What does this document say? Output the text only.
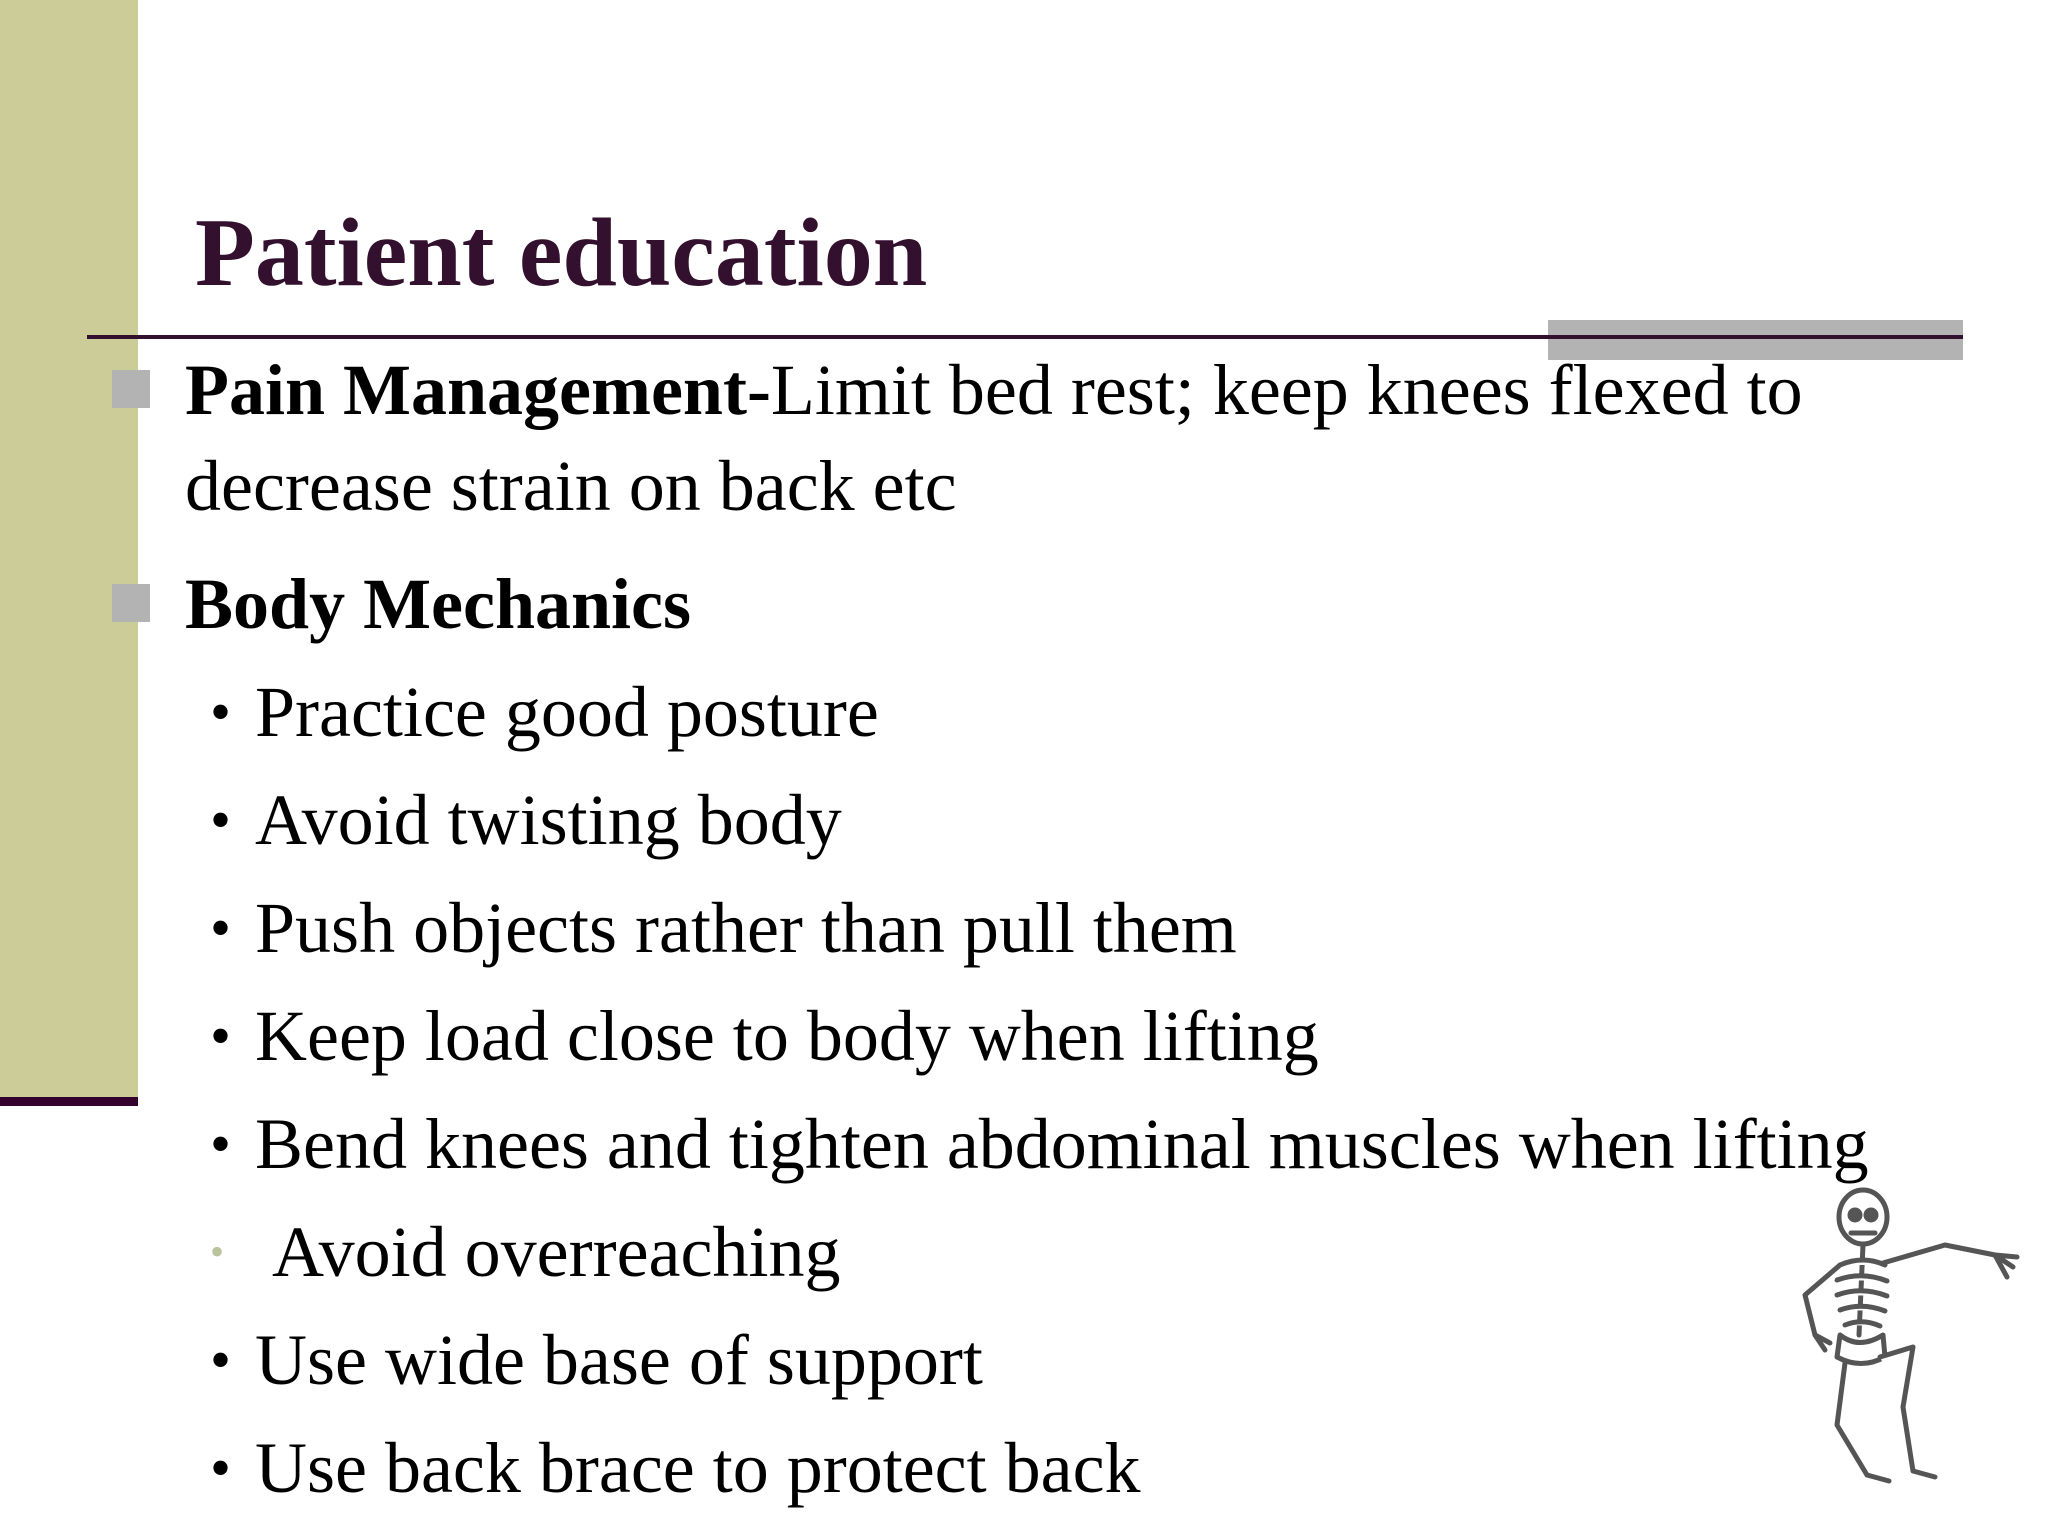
Patient education
Pain Management-Limit bed rest; keep knees flexed to
decrease strain on back etc
Body Mechanics
• Practice good posture
• Avoid twisting body
• Push objects rather than pull them
• Keep load close to body when lifting
• Bend knees and tighten abdominal muscles when lifting
• Avoid overreaching
• Use wide base of support
• Use back brace to protect back
